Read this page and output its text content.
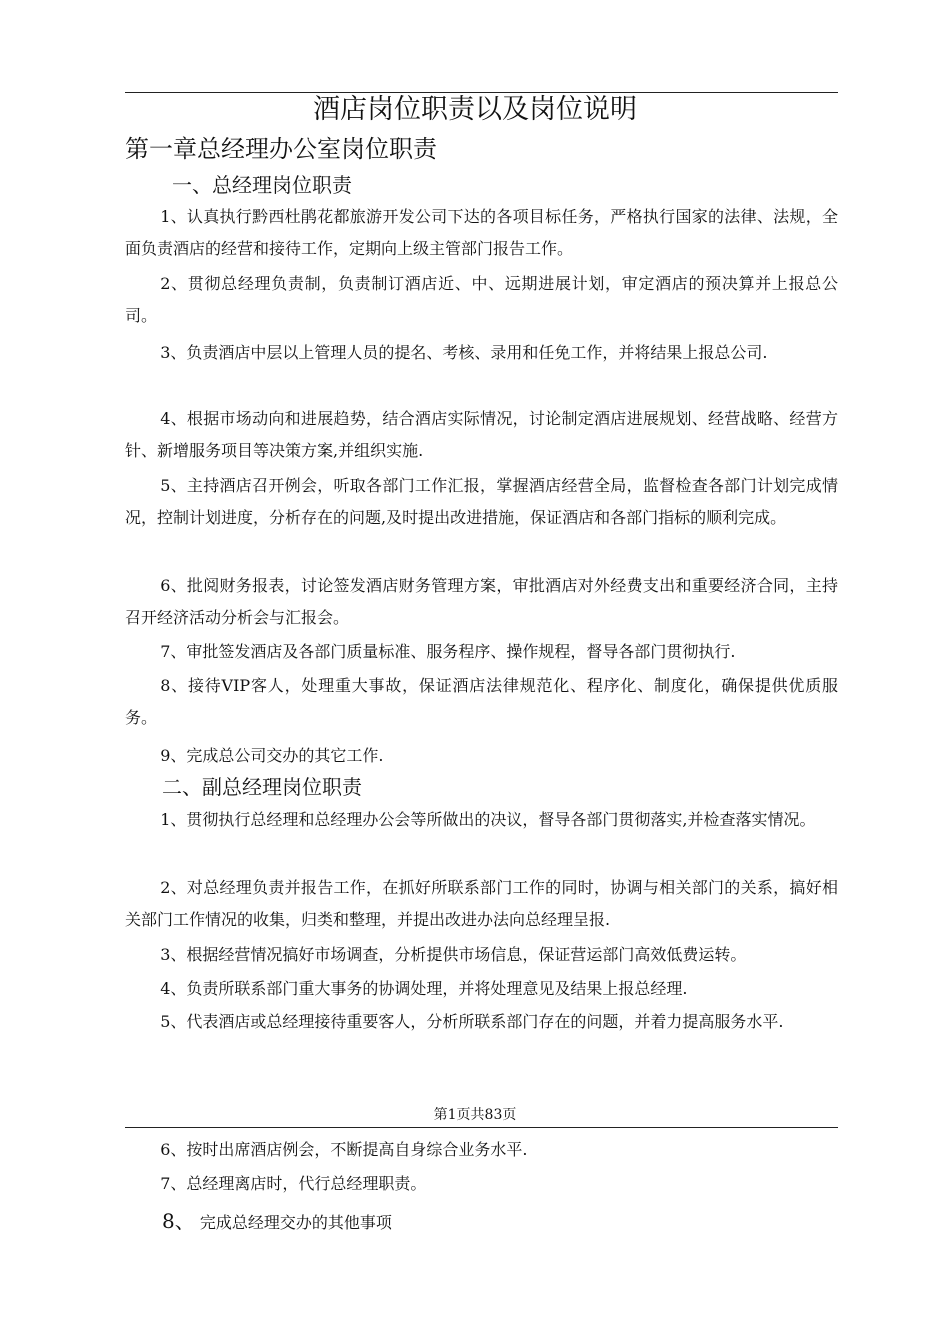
酒店岗位职责以及岗位说明
第一章总经理办公室岗位职责
一、总经理岗位职责
1、认真执行黔西杜鹃花都旅游开发公司下达的各项目标任务，严格执行国家的法律、法规，全面负责酒店的经营和接待工作，定期向上级主管部门报告工作。
2、贯彻总经理负责制，负责制订酒店近、中、远期进展计划，审定酒店的预决算并上报总公司。
3、负责酒店中层以上管理人员的提名、考核、录用和任免工作，并将结果上报总公司.
4、根据市场动向和进展趋势，结合酒店实际情况，讨论制定酒店进展规划、经营战略、经营方针、新增服务项目等决策方案,并组织实施.
5、主持酒店召开例会，听取各部门工作汇报，掌握酒店经营全局，监督检查各部门计划完成情况，控制计划进度，分析存在的问题,及时提出改进措施，保证酒店和各部门指标的顺利完成。
6、批阅财务报表，讨论签发酒店财务管理方案，审批酒店对外经费支出和重要经济合同，主持召开经济活动分析会与汇报会。
7、审批签发酒店及各部门质量标准、服务程序、操作规程，督导各部门贯彻执行.
8、接待VIP客人，处理重大事故，保证酒店法律规范化、程序化、制度化，确保提供优质服务。
9、完成总公司交办的其它工作.
二、副总经理岗位职责
1、贯彻执行总经理和总经理办公会等所做出的决议，督导各部门贯彻落实,并检查落实情况。
2、对总经理负责并报告工作，在抓好所联系部门工作的同时，协调与相关部门的关系，搞好相关部门工作情况的收集，归类和整理，并提出改进办法向总经理呈报.
3、根据经营情况搞好市场调查，分析提供市场信息，保证营运部门高效低费运转。
4、负责所联系部门重大事务的协调处理，并将处理意见及结果上报总经理.
5、代表酒店或总经理接待重要客人，分析所联系部门存在的问题，并着力提高服务水平.
第1页共83页
6、按时出席酒店例会，不断提高自身综合业务水平.
7、总经理离店时，代行总经理职责。
8、 完成总经理交办的其他事项
